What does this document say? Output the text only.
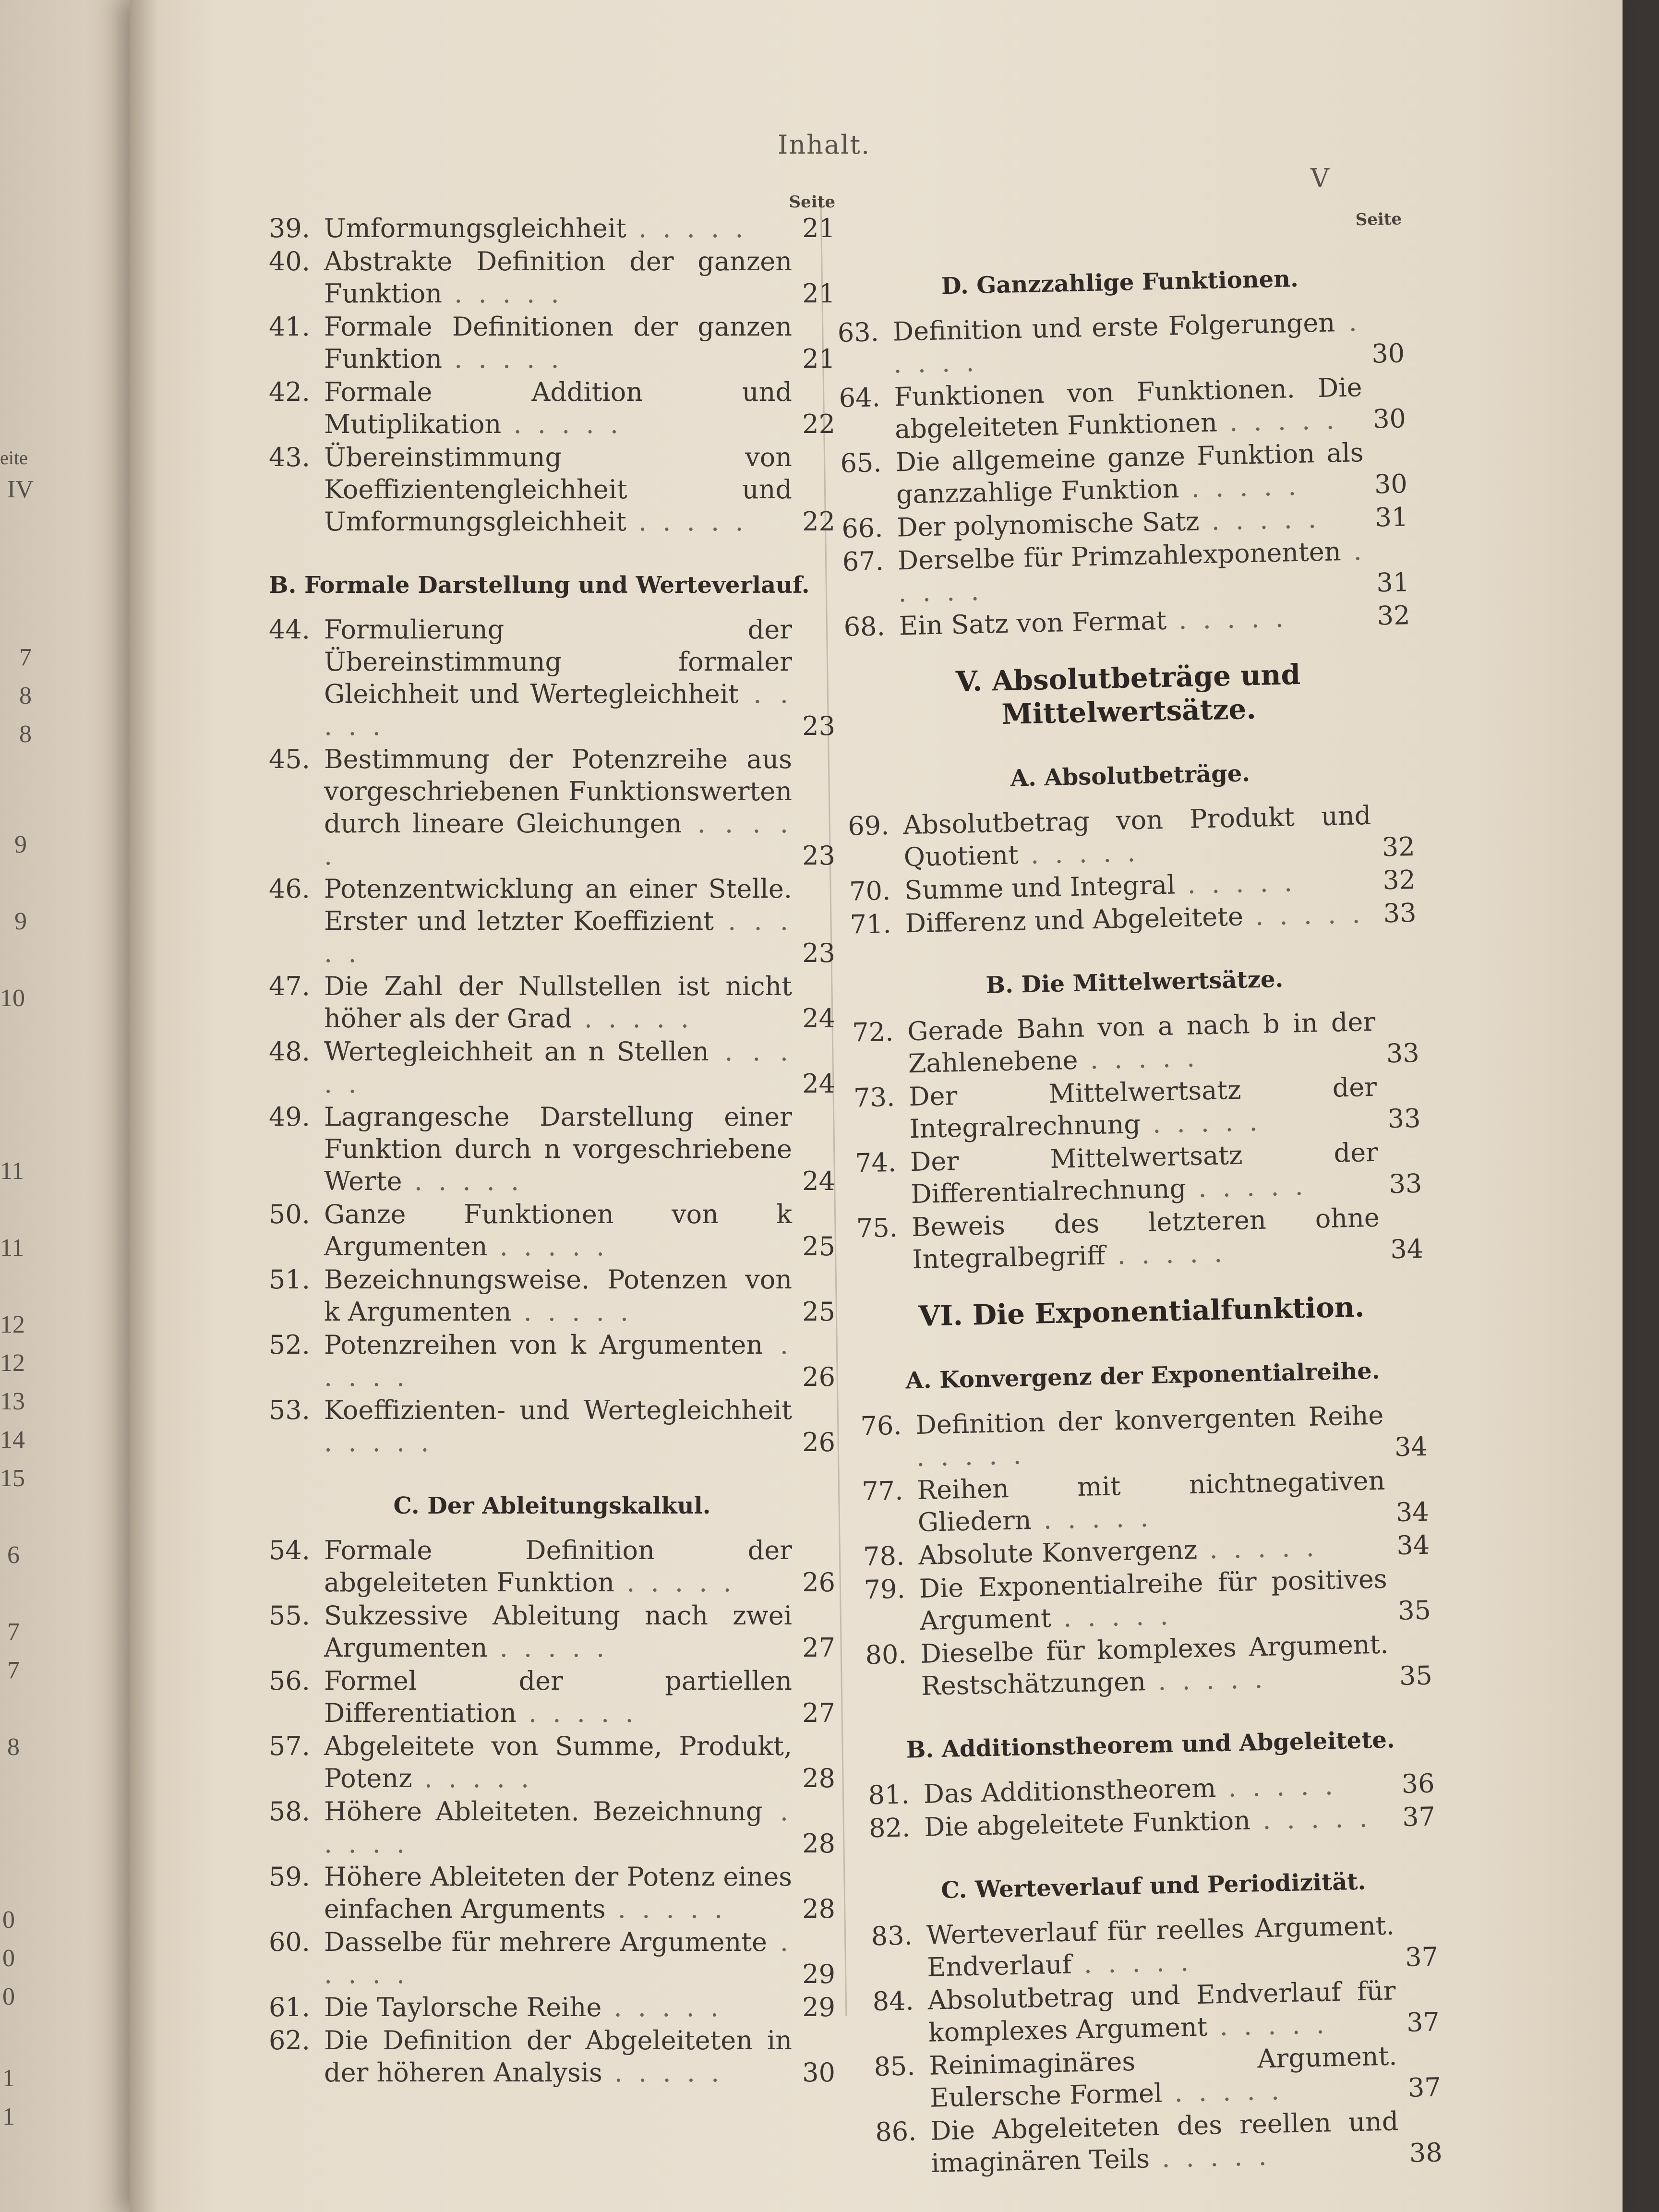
eite
IV
7
8
8
9
9
10
11
11
12
12
13
14
15
6
7
7
8
0
0
0
1
1
Inhalt.
V
Seite
39. Umformungsgleichheit . . . . .	21
40. Abstrakte Definition der ganzen Funktion . . . . .	21
41. Formale Definitionen der ganzen Funktion . . . . .	21
42. Formale Addition und Mutiplikation . . . . .	22
43. Übereinstimmung von Koeffizientengleichheit und Umformungsgleichheit . . . . .	22
B. Formale Darstellung und Werteverlauf.
44. Formulierung der Übereinstimmung formaler Gleichheit und Wertegleichheit . . . . .	23
45. Bestimmung der Potenzreihe aus vorgeschriebenen Funktionswerten durch lineare Gleichungen . . . . .	23
46. Potenzentwicklung an einer Stelle. Erster und letzter Koeffizient . . . . .	23
47. Die Zahl der Nullstellen ist nicht höher als der Grad . . . . .	24
48. Wertegleichheit an n Stellen . . . . .	24
49. Lagrangesche Darstellung einer Funktion durch n vorgeschriebene Werte . . . . .	24
50. Ganze Funktionen von k Argumenten . . . . .	25
51. Bezeichnungsweise. Potenzen von k Argumenten . . . . .	25
52. Potenzreihen von k Argumenten . . . . .	26
53. Koeffizienten- und Wertegleichheit . . . . .	26
C. Der Ableitungskalkul.
54. Formale Definition der abgeleiteten Funktion . . . . .	26
55. Sukzessive Ableitung nach zwei Argumenten . . . . .	27
56. Formel der partiellen Differentiation . . . . .	27
57. Abgeleitete von Summe, Produkt, Potenz . . . . .	28
58. Höhere Ableiteten. Bezeichnung . . . . .	28
59. Höhere Ableiteten der Potenz eines einfachen Arguments . . . . .	28
60. Dasselbe für mehrere Argumente . . . . .	29
61. Die Taylorsche Reihe . . . . .	29
62. Die Definition der Abgeleiteten in der höheren Analysis . . . . .	30
Seite
D. Ganzzahlige Funktionen.
63. Definition und erste Folgerungen . . . . .	30
64. Funktionen von Funktionen. Die abgeleiteten Funktionen . . . . .	30
65. Die allgemeine ganze Funktion als ganzzahlige Funktion . . . . .	30
66. Der polynomische Satz . . . . .	31
67. Derselbe für Primzahlexponenten . . . . .	31
68. Ein Satz von Fermat . . . . .	32
V. Absolutbeträge und Mittelwertsätze.
A. Absolutbeträge.
69. Absolutbetrag von Produkt und Quotient . . . . .	32
70. Summe und Integral . . . . .	32
71. Differenz und Abgeleitete . . . . . 33
B. Die Mittelwertsätze.
72. Gerade Bahn von a nach b in der Zahlenebene . . . . .	33
73. Der Mittelwertsatz der Integralrechnung . . . . .	33
74. Der Mittelwertsatz der Differentialrechnung . . . . .	33
75. Beweis des letzteren ohne Integralbegriff . . . . .	34
VI. Die Exponentialfunktion.
A. Konvergenz der Exponentialreihe.
76. Definition der konvergenten Reihe . . . . .	34
77. Reihen mit nichtnegativen Gliedern . . . . .	34
78. Absolute Konvergenz . . . . .	34
79. Die Exponentialreihe für positives Argument . . . . .	35
80. Dieselbe für komplexes Argument. Restschätzungen . . . . .	35
B. Additionstheorem und Abgeleitete.
81. Das Additionstheorem . . . . .	36
82. Die abgeleitete Funktion . . . . .	37
C. Werteverlauf und Periodizität.
83. Werteverlauf für reelles Argument. Endverlauf . . . . .	37
84. Absolutbetrag und Endverlauf für komplexes Argument . . . . .	37
85. Reinimaginäres Argument. Eulersche Formel . . . . .	37
86. Die Abgeleiteten des reellen und imaginären Teils . . . . .	38
